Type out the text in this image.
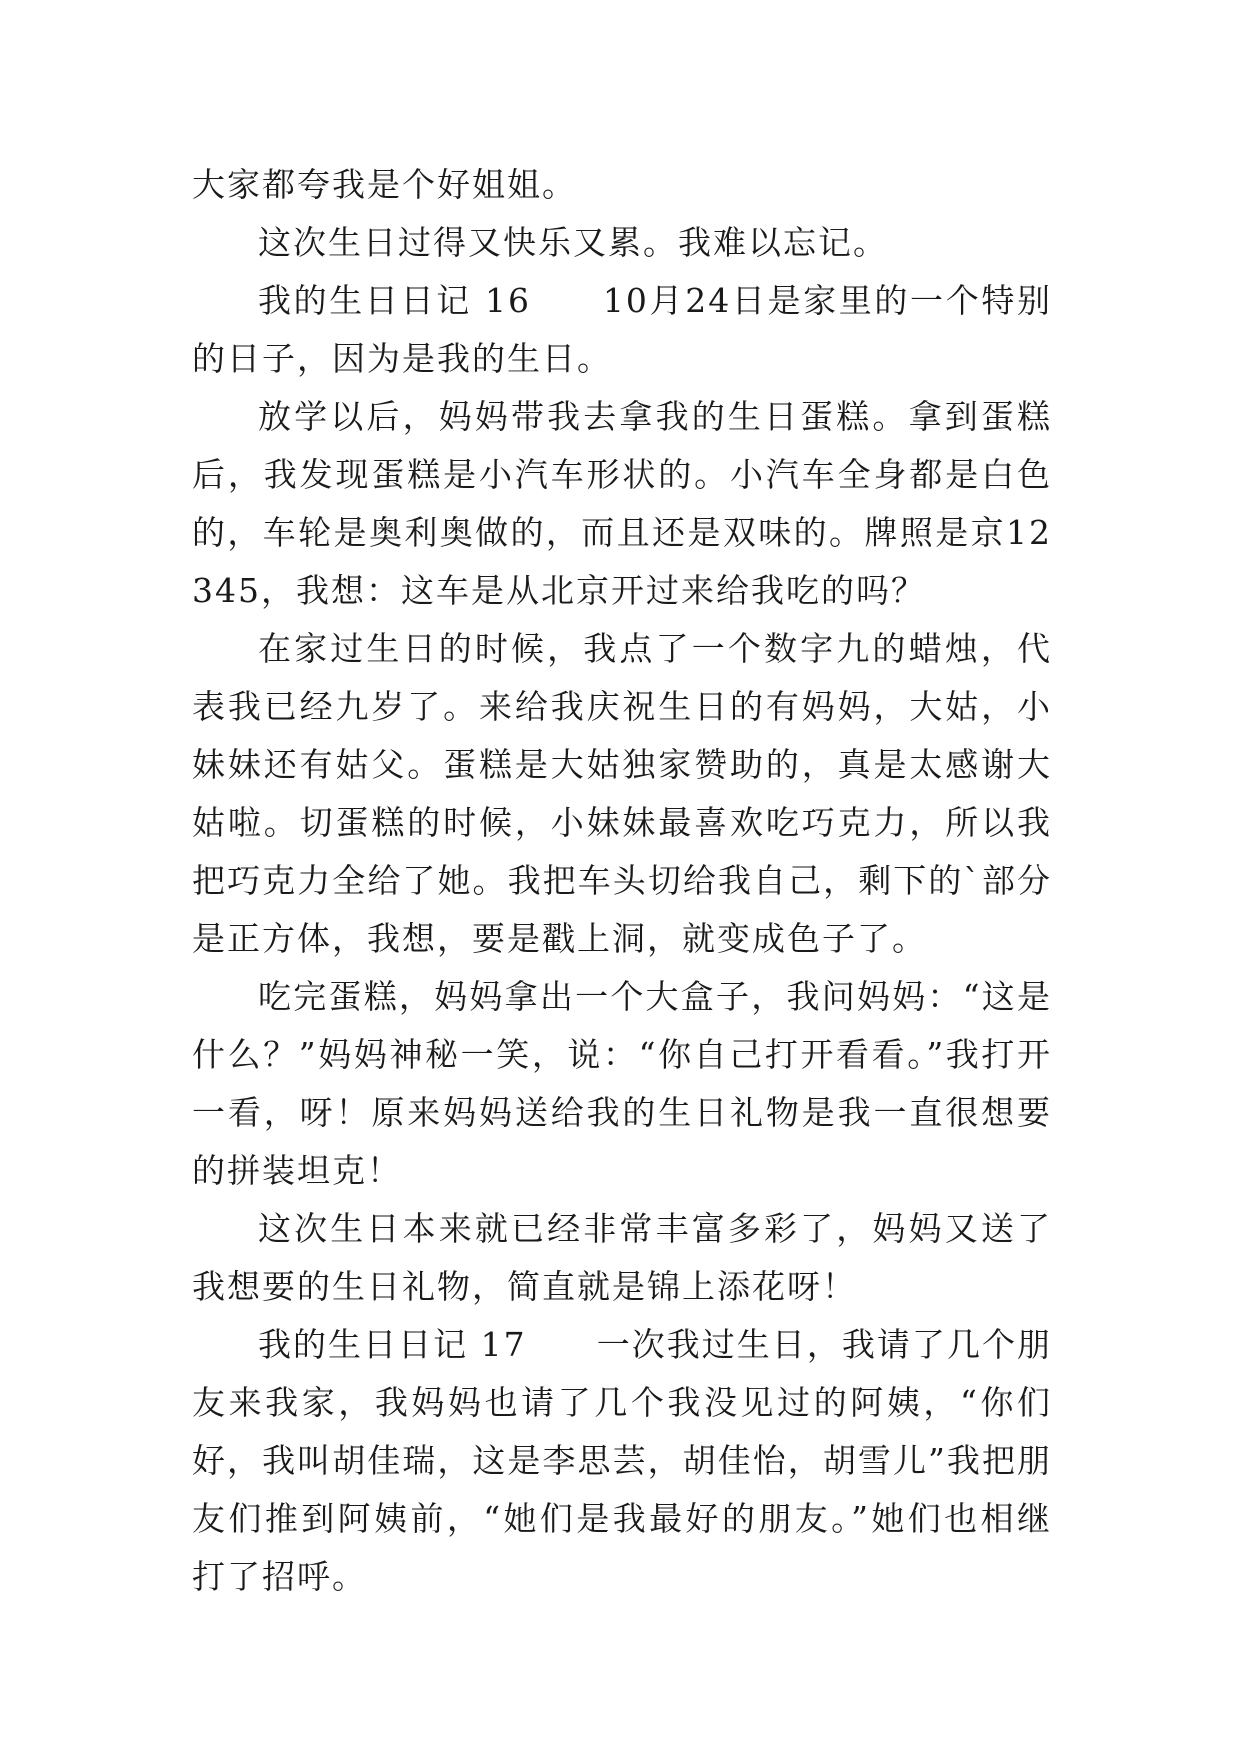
大家都夸我是个好姐姐。

这次生日过得又快乐又累。我难以忘记。

我的生日日记 16　　10月24日是家里的一个特别的日子，因为是我的生日。

放学以后，妈妈带我去拿我的生日蛋糕。拿到蛋糕后，我发现蛋糕是小汽车形状的。小汽车全身都是白色的，车轮是奥利奥做的，而且还是双味的。牌照是京12345，我想：这车是从北京开过来给我吃的吗？

在家过生日的时候，我点了一个数字九的蜡烛，代表我已经九岁了。来给我庆祝生日的有妈妈，大姑，小妹妹还有姑父。蛋糕是大姑独家赞助的，真是太感谢大姑啦。切蛋糕的时候，小妹妹最喜欢吃巧克力，所以我把巧克力全给了她。我把车头切给我自己，剩下的`部分是正方体，我想，要是戳上洞，就变成色子了。

吃完蛋糕，妈妈拿出一个大盒子，我问妈妈：“这是什么？”妈妈神秘一笑，说：“你自己打开看看。”我打开一看，呀！原来妈妈送给我的生日礼物是我一直很想要的拼装坦克！

这次生日本来就已经非常丰富多彩了，妈妈又送了我想要的生日礼物，简直就是锦上添花呀！

我的生日日记 17　　一次我过生日，我请了几个朋友来我家，我妈妈也请了几个我没见过的阿姨，“你们好，我叫胡佳瑞，这是李思芸，胡佳怡，胡雪儿”我把朋友们推到阿姨前，“她们是我最好的朋友。”她们也相继打了招呼。
